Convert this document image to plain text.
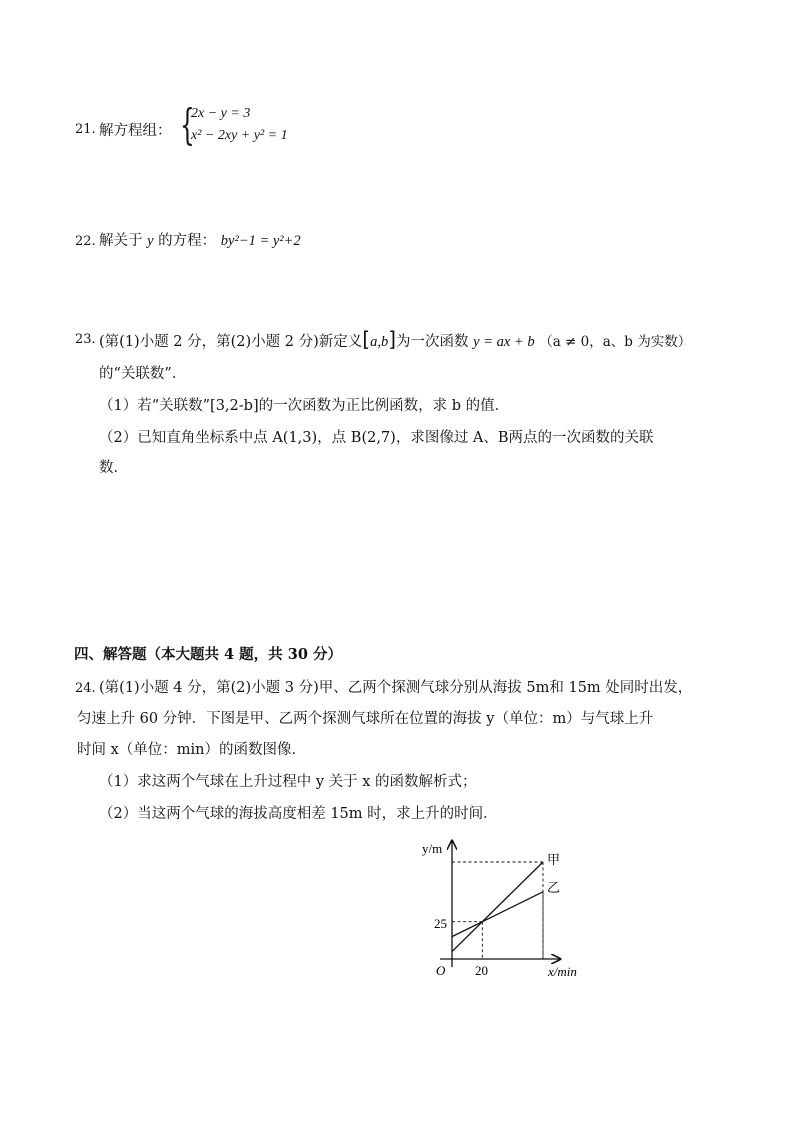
21. 解方程组： {
2x − y = 3
x² − 2xy + y² = 1
22. 解关于 y 的方程： by²−1 = y²+2
23. (第(1)小题 2 分，第(2)小题 2 分)新定义[a,b]为一次函数 y = ax + b （a ≠ 0，a、b 为实数）
的“关联数”．
（1）若“关联数”[3,2-b]的一次函数为正比例函数，求 b 的值．
（2）已知直角坐标系中点 A(1,3)，点 B(2,7)，求图像过 A、B两点的一次函数的关联
数．
四、解答题（本大题共 4 题，共 30 分）
24. (第(1)小题 4 分，第(2)小题 3 分)甲、乙两个探测气球分别从海拔 5m和 15m 处同时出发，
匀速上升 60 分钟．下图是甲、乙两个探测气球所在位置的海拔 y（单位：m）与气球上升
时间 x（单位：min）的函数图像．
（1）求这两个气球在上升过程中 y 关于 x 的函数解析式；
（2）当这两个气球的海拔高度相差 15m 时，求上升的时间．
甲
乙
y/m
x/min
O 20
25
